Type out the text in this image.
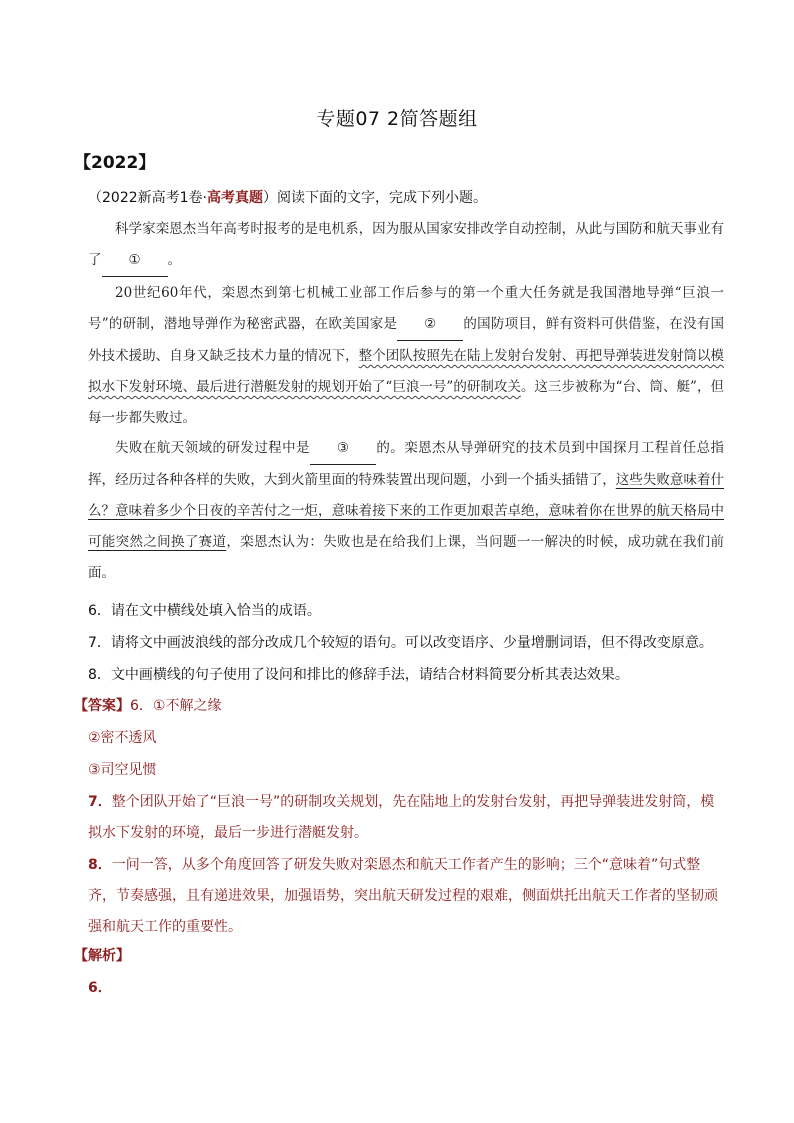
专题07 2简答题组
【2022】
（2022新高考1卷·高考真题）阅读下面的文字，完成下列小题。
科学家栾恩杰当年高考时报考的是电机系，因为服从国家安排改学自动控制，从此与国防和航天事业有了 ① 。
20世纪60年代，栾恩杰到第七机械工业部工作后参与的第一个重大任务就是我国潜地导弹“巨浪一号”的研制，潜地导弹作为秘密武器，在欧美国家是 ② 的国防项目，鲜有资料可供借鉴，在没有国外技术援助、自身又缺乏技术力量的情况下，整个团队按照先在陆上发射台发射、再把导弹装进发射筒以模拟水下发射环境、最后进行潜艇发射的规划开始了“巨浪一号”的研制攻关。这三步被称为“台、筒、艇”，但每一步都失败过。
失败在航天领域的研发过程中是 ③ 的。栾恩杰从导弹研究的技术员到中国探月工程首任总指挥，经历过各种各样的失败，大到火箭里面的特殊装置出现问题，小到一个插头插错了，这些失败意味着什么？意味着多少个日夜的辛苦付之一炬，意味着接下来的工作更加艰苦卓绝，意味着你在世界的航天格局中可能突然之间换了赛道，栾恩杰认为：失败也是在给我们上课，当问题一一解决的时候，成功就在我们前面。
6．请在文中横线处填入恰当的成语。
7．请将文中画波浪线的部分改成几个较短的语句。可以改变语序、少量增删词语，但不得改变原意。
8．文中画横线的句子使用了设问和排比的修辞手法，请结合材料简要分析其表达效果。
【答案】6．①不解之缘
②密不透风
③司空见惯
7．整个团队开始了“巨浪一号”的研制攻关规划，先在陆地上的发射台发射，再把导弹装进发射筒，模拟水下发射的环境，最后一步进行潜艇发射。
8．一问一答，从多个角度回答了研发失败对栾恩杰和航天工作者产生的影响；三个“意味着”句式整齐，节奏感强，且有递进效果，加强语势，突出航天研发过程的艰难，侧面烘托出航天工作者的坚韧顽强和航天工作的重要性。
【解析】
6．
